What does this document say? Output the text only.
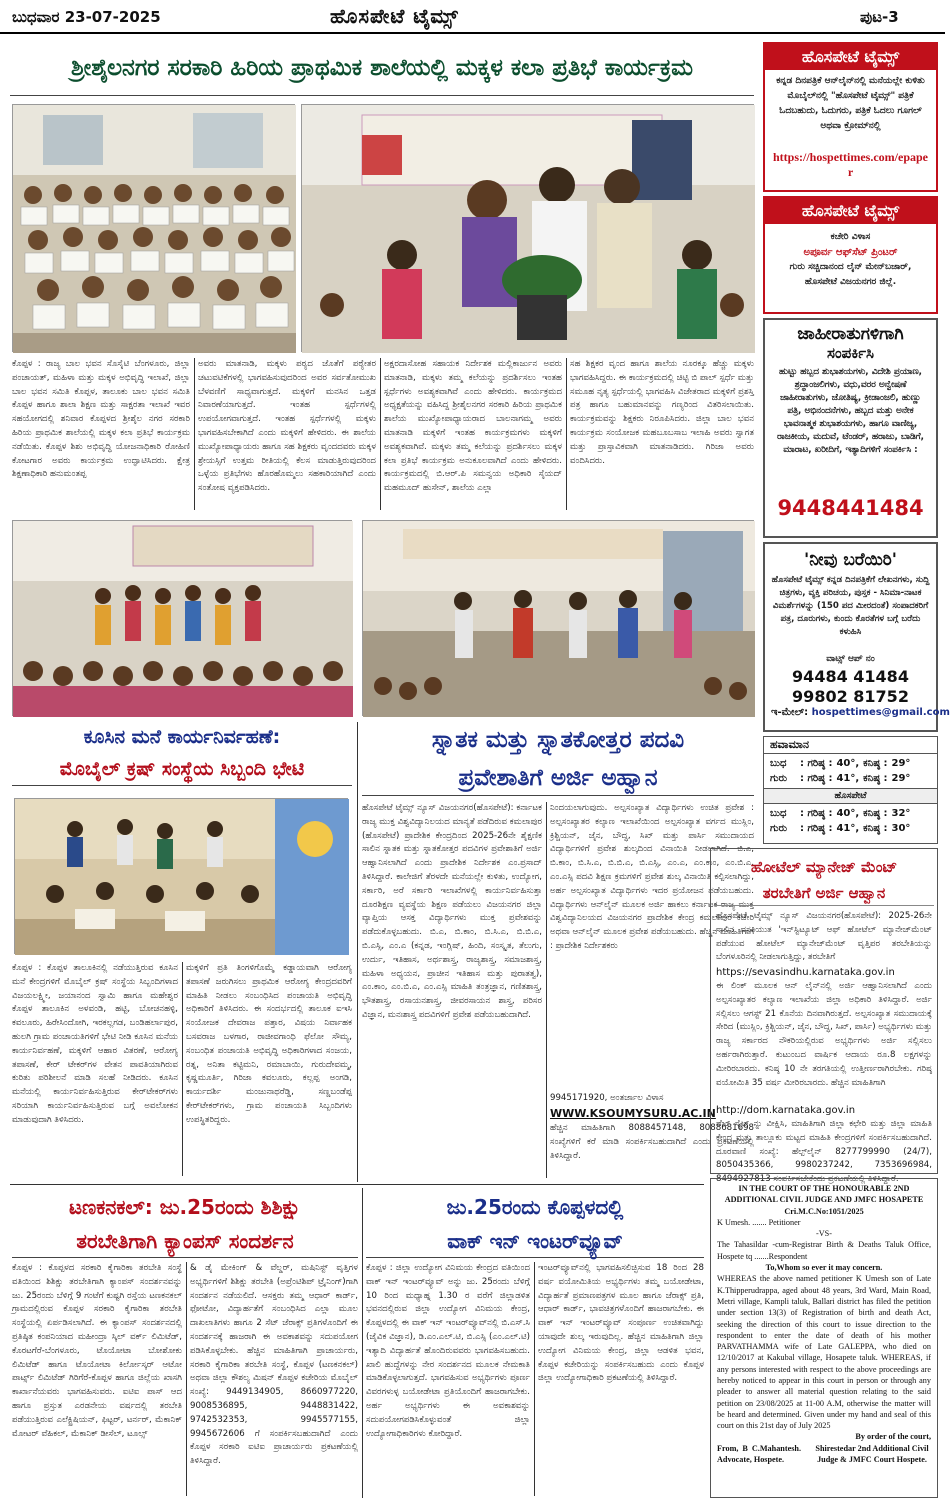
ಬುಧವಾರ 23-07-2025	ಹೊಸಪೇಟೆ ಟೈಮ್ಸ್	ಪುಟ-3
ಶ್ರೀಶೈಲನಗರ ಸರಕಾರಿ ಹಿರಿಯ ಪ್ರಾಥಮಿಕ ಶಾಲೆಯಲ್ಲಿ ಮಕ್ಕಳ ಕಲಾ ಪ್ರತಿಭೆ ಕಾರ್ಯಕ್ರಮ
ಕೊಪ್ಪಳ : ರಾಜ್ಯ ಬಾಲ ಭವನ ಸೊಸೈಟಿ ಬೆಂಗಳೂರು, ಜಿಲ್ಲಾ ಪಂಚಾಯತ್, ಮಹಿಳಾ ಮತ್ತು ಮಕ್ಕಳ ಅಭಿವೃದ್ಧಿ ಇಲಾಖೆ, ಜಿಲ್ಲಾ ಬಾಲ ಭವನ ಸಮಿತಿ ಕೊಪ್ಪಳ, ತಾಲೂಕು ಬಾಲ ಭವನ ಸಮಿತಿ ಕೊಪ್ಪಳ ಹಾಗೂ ಶಾಲಾ ಶಿಕ್ಷಣ ಮತ್ತು ಸಾಕ್ಷರತಾ ಇಲಾಖೆ ಇವರ ಸಹಯೋಗದಲ್ಲಿ ಶನಿವಾರ ಕೊಪ್ಪಳದ ಶ್ರೀಶೈಲ ನಗರ ಸರಕಾರಿ ಹಿರಿಯ ಪ್ರಾಥಮಿಕ ಶಾಲೆಯಲ್ಲಿ ಮಕ್ಕಳ ಕಲಾ ಪ್ರತಿಭೆ ಕಾರ್ಯಕ್ರಮ ನಡೆಯಿತು. ಕೊಪ್ಪಳ ಶಿಶು ಅಭಿವೃದ್ಧಿ ಯೋಜನಾಧಿಕಾರಿ ರೋಹಿಣಿ ಕೋಟಗಾರ ಅವರು ಕಾರ್ಯಕ್ರಮ ಉದ್ಘಾಟಿಸಿದರು. ಕ್ಷೇತ್ರ ಶಿಕ್ಷಣಾಧಿಕಾರಿ ಹನುಮಂತಪ್ಪ
ಅವರು ಮಾತನಾಡಿ, ಮಕ್ಕಳು ಪಠ್ಯದ ಜೊತೆಗೆ ಪಠ್ಯೇತರ ಚಟುವಟಿಕೆಗಳಲ್ಲಿ ಭಾಗವಹಿಸುವುದರಿಂದ ಅವರ ಸರ್ವತೋಮುಖ ಬೆಳವಣಿಗೆ ಸಾಧ್ಯವಾಗುತ್ತದೆ. ಮಕ್ಕಳಿಗೆ ಮನಸಿನ ಒತ್ತಡ ನಿವಾರಣೆಯಾಗುತ್ತದೆ. ಇಂತಹ ಸ್ಪರ್ಧೆಗಳಲ್ಲಿ ಉಪಯೋಗವಾಗುತ್ತದೆ. ಇಂತಹ ಸ್ಪರ್ಧೆಗಳಲ್ಲಿ ಮಕ್ಕಳು ಭಾಗವಹಿಸಬೇಕಾಗಿದೆ ಎಂದು ಮಕ್ಕಳಿಗೆ ಹೇಳಿದರು. ಈ ಶಾಲೆಯ ಮುಖ್ಯೋಪಾಧ್ಯಾಯರು ಹಾಗೂ ಸಹ ಶಿಕ್ಷಕರು ವೃಂದದವರು ಮಕ್ಕಳ ಶ್ರೇಯಸ್ಸಿಗೆ ಉತ್ತಮ ರೀತಿಯಲ್ಲಿ ಕೆಲಸ ಮಾಡುತ್ತಿರುವುದರಿಂದ ಒಳ್ಳೆಯ ಪ್ರತಿಭೆಗಳು ಹೊರಹೊಮ್ಮಲು ಸಹಕಾರಿಯಾಗಿದೆ ಎಂದು ಸಂತೋಷ ವ್ಯಕ್ತಪಡಿಸಿದರು.
ಅಕ್ಷರದಾಸೋಹ ಸಹಾಯಕ ನಿರ್ದೇಶಕ ಮಲ್ಲಿಕಾರ್ಜುನ ಅವರು ಮಾತನಾಡಿ, ಮಕ್ಕಳು ತಮ್ಮ ಕಲೆಯನ್ನು ಪ್ರದರ್ಶಿಸಲು ಇಂತಹ ಸ್ಪರ್ಧೆಗಳು ಅವಶ್ಯಕವಾಗಿವೆ ಎಂದು ಹೇಳಿದರು. ಕಾರ್ಯಕ್ರಮದ ಅಧ್ಯಕ್ಷತೆಯನ್ನು ವಹಿಸಿದ್ದ ಶ್ರೀಶೈಲನಗರ ಸರಕಾರಿ ಹಿರಿಯ ಪ್ರಾಥಮಿಕ ಶಾಲೆಯ ಮುಖ್ಯೋಪಾಧ್ಯಾಯರಾದ ಬಾಲನಾಗಮ್ಮ ಅವರು ಮಾತನಾಡಿ ಮಕ್ಕಳಿಗೆ ಇಂತಹ ಕಾರ್ಯಕ್ರಮಗಳು ಮಕ್ಕಳಿಗೆ ಅವಶ್ಯಕವಾಗಿವೆ. ಮಕ್ಕಳು ತಮ್ಮ ಕಲೆಯನ್ನು ಪ್ರದರ್ಶಿಸಲು ಮಕ್ಕಳ ಕಲಾ ಪ್ರತಿಭೆ ಕಾರ್ಯಕ್ರಮ ಅನುಕೂಲವಾಗಿದೆ ಎಂದು ಹೇಳಿದರು. ಕಾರ್ಯಕ್ರಮದಲ್ಲಿ ಬಿ.ಆರ್.ಪಿ ಸಮನ್ವಯ ಅಧಿಕಾರಿ ಸೈಯದ್ ಮಹಮೂದ್ ಹುಸೇನ್, ಶಾಲೆಯ ಎಲ್ಲಾ
ಸಹ ಶಿಕ್ಷಕರ ವೃಂದ ಹಾಗೂ ಶಾಲೆಯ ನೂರಕ್ಕೂ ಹೆಚ್ಚು ಮಕ್ಕಳು ಭಾಗವಹಿಸಿದ್ದರು. ಈ ಕಾರ್ಯಕ್ರಮದಲ್ಲಿ ಚಿಟ್ಟಿ ಬಿ ಪಾಲ್ ಸ್ಪರ್ಧೆ ಮತ್ತು ಸಮೂಹ ನೃತ್ಯ ಸ್ಪರ್ಧೆಯಲ್ಲಿ ಭಾಗವಹಿಸಿ ವಿಜೇತರಾದ ಮಕ್ಕಳಿಗೆ ಪ್ರಶಸ್ತಿ ಪತ್ರ ಹಾಗೂ ಬಹುಮಾನವನ್ನು ಗಣ್ಯರಿಂದ ವಿತರಿಸಲಾಯಿತು. ಕಾರ್ಯಕ್ರಮವನ್ನು ಶಿಕ್ಷಕರು ನಿರೂಪಿಸಿದರು. ಜಿಲ್ಲಾ ಬಾಲ ಭವನ ಕಾರ್ಯಕ್ರಮ ಸಂಯೋಜಕ ಮಹಬೂಬಸಾಬ ಇಲಾಹಿ ಅವರು ಸ್ವಾಗತ ಮತ್ತು ಪ್ರಾಸ್ತಾವಿಕವಾಗಿ ಮಾತನಾಡಿದರು. ಗಿರಿಜಾ ಅವರು ವಂದಿಸಿದರು.
ಹೊಸಪೇಟೆ ಟೈಮ್ಸ್
ಕನ್ನಡ ದಿನಪತ್ರಿಕೆ ಆನ್‌ಲೈನ್‌ನಲ್ಲಿ ಮನೆಯಲ್ಲೇ ಕುಳಿತು ಮೊಬೈಲ್‌ನಲ್ಲಿ "ಹೊಸಪೇಟೆ ಟೈಮ್ಸ್" ಪತ್ರಿಕೆ ಓದಬಹುದು, ಓದುಗರು, ಪತ್ರಿಕೆ ಓದಲು ಗೂಗಲ್ ಅಥವಾ ಕ್ರೋಮ್‌ನಲ್ಲಿ
https://hospettimes.com/epaper
ಹೊಸಪೇಟೆ ಟೈಮ್ಸ್
ಕಚೇರಿ ವಿಳಾಸ
ಅಪೂರ್ವ ಆಫ್‌ಸೆಟ್ ಪ್ರಿಂಟರ್
ಗುರು ಸಚ್ಚಿದಾನಂದ ಲೈನ್ ಮೇನ್‌ಬಜಾರ್, ಹೊಸಪೇಟೆ ವಿಜಯನಗರ ಜಿಲ್ಲೆ.
ಜಾಹೀರಾತುಗಳಿಗಾಗಿ
ಸಂಪರ್ಕಿಸಿ
ಹುಟ್ಟು ಹಬ್ಬದ ಶುಭಾಶಯಗಳು, ವಿದೇಶಿ ಪ್ರಯಾಣ, ಶ್ರದ್ಧಾಂಜಲಿಗಳು, ವಧು,ವರರ ಅನ್ವೇಷಣೆ ಜಾಹೀರಾತುಗಳು, ಜೋತಿಷ್ಯ, ಕ್ರೀಡಾಂಜಲಿ, ಹುಣ್ಣು ಪತ್ರಿ, ಅಭಿನಂದನೆಗಳು, ಹಬ್ಬದ ಮತ್ತು ಅನೇಕ ಭಾವನಾತ್ಮಕ ಶುಭಾಶಯಗಳು, ಹಾಗೂ ವಾಣಿಜ್ಯ, ರಾಜಕೀಯ, ಮದುವೆ, ಟೆಂಡರ್, ಹರಾಜು, ಬಾಡಿಗೆ, ಮಾರಾಟ, ಖರೀದಿಗೆ, ಇತ್ಯಾದಿಗಳಿಗೆ ಸಂಪರ್ಕಿಸಿ :
9448441484
'ನೀವು ಬರೆಯಿರಿ'
ಹೊಸಪೇಟೆ ಟೈಮ್ಸ್ ಕನ್ನಡ ದಿನಪತ್ರಿಕೆಗೆ ಲೇಖನಗಳು, ಸುದ್ದಿ ಚಿತ್ರಗಳು, ವ್ಯಕ್ತಿ ಪರಿಚಯ, ಪುಸ್ತಕ - ಸಿನಿಮಾ-ನಾಟಕ ವಿಮರ್ಶೆಗಳನ್ನು (150 ಪದ ಮೀರದಂತೆ) ಸಂಪಾದಕರಿಗೆ ಪತ್ರ, ದೂರುಗಳು, ಕುಂದು ಕೊರತೆಗಳ ಬಗ್ಗೆ ಬರೆದು ಕಳುಹಿಸಿ
ವಾಟ್ಸ್ ಆಪ್ ನಂ
94484 41484
99802 81752
ಇ-ಮೇಲ್: hospettimes@gmail.com
ಹವಾಮಾನ
ಬುಧ	: ಗರಿಷ್ಠ : 40°, ಕನಿಷ್ಠ : 29°
ಗುರು	: ಗರಿಷ್ಠ : 41°, ಕನಿಷ್ಠ : 29°
ಹೊಸಪೇಟೆ
ಬುಧ	: ಗರಿಷ್ಠ : 40°, ಕನಿಷ್ಠ : 32°
ಗುರು	: ಗರಿಷ್ಠ : 41°, ಕನಿಷ್ಠ : 30°
ಕೂಸಿನ ಮನೆ ಕಾರ್ಯನಿರ್ವಹಣೆ:
ಮೊಬೈಲ್ ಕ್ರಷ್ ಸಂಸ್ಥೆಯ ಸಿಬ್ಬಂದಿ ಭೇಟಿ
ಕೊಪ್ಪಳ : ಕೊಪ್ಪಳ ತಾಲೂಕಿನಲ್ಲಿ ನಡೆಯುತ್ತಿರುವ ಕೂಸಿನ ಮನೆ ಕೇಂದ್ರಗಳಿಗೆ ಮೊಬೈಲ್ ಕ್ರಷ್ ಸಂಸ್ಥೆಯ ಸಿಬ್ಬಂದಿಗಳಾದ ವಿಜಯಲಕ್ಷ್ಮೀ, ಜಯಾನಂದ ಸ್ವಾಮಿ ಹಾಗೂ ಮಹೇಶ್ವರ ಕೊಪ್ಪಳ ತಾಲೂಕಿನ ಅಳವಂಡಿ, ಹಟ್ಟಿ, ಬೋಚನಹಳ್ಳಿ, ಕವಲೂರು, ಹಿರೇಸಿಂದೋಗಿ, ಇರಕಲ್ಲಗಡ, ಬಂಡಿಹರ್ಲಾಪುರ, ಹುಲಗಿ ಗ್ರಾಮ ಪಂಚಾಯತಿಗಳಿಗೆ ಭೇಟಿ ನೀಡಿ ಕೂಸಿನ ಮನೆಯ ಕಾರ್ಯನಿರ್ವಹಣೆ, ಮಕ್ಕಳಿಗೆ ಆಹಾರ ವಿತರಣೆ, ಆರೋಗ್ಯ ತಪಾಸಣೆ, ಕೇರ್ ಟೇಕರ್‌ಗಳ ವೇತನ ಪಾವತಿಯಾಗಿರುವ ಕುರಿತು ಪರಿಶೀಲನೆ ಮಾಡಿ ಸಲಹೆ ನೀಡಿದರು. ಕೂಸಿನ ಮನೆಯಲ್ಲಿ ಕಾರ್ಯನಿರ್ವಹಿಸುತ್ತಿರುವ ಕೇರ್‌ಟೇಕರ್‌ಗಳು ಸರಿಯಾಗಿ ಕಾರ್ಯನಿರ್ವಹಿಸುತ್ತಿರುವ ಬಗ್ಗೆ ಅವಲೋಕನ ಮಾಡುವುದಾಗಿ ತಿಳಿಸಿದರು.
ಮಕ್ಕಳಿಗೆ ಪ್ರತಿ ತಿಂಗಳಿಗೊಮ್ಮೆ ಕಡ್ಡಾಯವಾಗಿ ಆರೋಗ್ಯ ತಪಾಸಣೆ ಜರುಗಿಸಲು ಪ್ರಾಥಮಿಕ ಆರೋಗ್ಯ ಕೇಂದ್ರದವರಿಗೆ ಮಾಹಿತಿ ನೀಡಲು ಸಂಬಂಧಿಸಿದ ಪಂಚಾಯತಿ ಅಭಿವೃದ್ಧಿ ಅಧಿಕಾರಿಗೆ ತಿಳಿಸಿದರು. ಈ ಸಂದರ್ಭದಲ್ಲಿ ತಾಲೂಕ ಐಇಸಿ ಸಂಯೋಜಕ ದೇವರಾಜ ಪತ್ತಾರ, ವಿಷಯ ನಿರ್ವಾಹಕ ಬಸವರಾಜ ಬಳಗಾರ, ರಾಜೀವಗಾಂಧಿ ಫೆಲೋ ಸೌಮ್ಯ, ಸಂಬಂಧಿತ ಪಂಚಾಯತಿ ಅಭಿವೃದ್ಧಿ ಅಧಿಕಾರಿಗಳಾದ ಸಂಜಯ, ರತ್ನ, ಅನಿತಾ ಕಟ್ಟಿಮನಿ, ರಮಾಬಾಯಿ, ಗುರುದೇವಮ್ಮ, ಕೃಷ್ಣಮೂರ್ತಿ, ಗಿರಿಜಾ ಕವಲೂರು, ಕಲ್ಲಪ್ಪ ಅಂಗಡಿ, ಕಾರ್ಯದರ್ಶಿ ಮಂಜುನಾಥರೆಡ್ಡಿ, ಸಣ್ಣಬಂಡೆಪ್ಪ ಕೇರ್‌ಟೇಕರ್‌ಗಳು, ಗ್ರಾಮ ಪಂಚಾಯತಿ ಸಿಬ್ಬಂದಿಗಳು ಉಪಸ್ಥಿತರಿದ್ದರು.
ಸ್ನಾತಕ ಮತ್ತು ಸ್ನಾತಕೋತ್ತರ ಪದವಿ
ಪ್ರವೇಶಾತಿಗೆ ಅರ್ಜಿ ಅಹ್ವಾನ
ಹೊಸಪೇಟೆ ಟೈಮ್ಸ್ ನ್ಯೂಸ್ ವಿಜಯನಗರ(ಹೊಸಪೇಟೆ): ಕರ್ನಾಟಕ ರಾಜ್ಯ ಮುಕ್ತ ವಿಶ್ವವಿದ್ಯಾನಿಲಯದ ಮಾನ್ಯತೆ ಪಡೆದಿರುವ ಕಮಲಾಪುರ (ಹೊಸಪೇಟೆ) ಪ್ರಾದೇಶಿಕ ಕೇಂದ್ರದಿಂದ 2025-26ನೇ ಶೈಕ್ಷಣಿಕ ಸಾಲಿನ ಸ್ನಾತಕ ಮತ್ತು ಸ್ನಾತಕೋತ್ತರ ಪದವಿಗಳ ಪ್ರವೇಶಾತಿಗೆ ಅರ್ಜಿ ಆಹ್ವಾನಿಸಲಾಗಿದೆ ಎಂದು ಪ್ರಾದೇಶಿಕ ನಿರ್ದೇಶಕ ಎಂ.ಪ್ರಸಾದ್ ತಿಳಿಸಿದ್ದಾರೆ. ಕಾಲೇಜಿಗೆ ತೆರಳದೇ ಮನೆಯಲ್ಲೇ ಕುಳಿತು, ಉದ್ಯೋಗ, ಸರ್ಕಾರಿ, ಅರೆ ಸರ್ಕಾರಿ ಇಲಾಖೆಗಳಲ್ಲಿ ಕಾರ್ಯನಿರ್ವಹಿಸುತ್ತಾ ದೂರಶಿಕ್ಷಣ ವ್ಯವಸ್ಥೆಯ ಶಿಕ್ಷಣ ಪಡೆಯಲು ವಿಜಯನಗರ ಜಿಲ್ಲಾ ವ್ಯಾಪ್ತಿಯ ಆಸಕ್ತ ವಿದ್ಯಾರ್ಥಿಗಳು ಮುಕ್ತ ಪ್ರವೇಶವನ್ನು ಪಡೆದುಕೊಳ್ಳಬಹುದು. ಬಿ.ಎ, ಬಿ.ಕಾಂ, ಬಿ.ಸಿ.ಎ, ಬಿ.ಬಿ.ಎ, ಬಿ.ಎಸ್ಸಿ, ಎಂ.ಎ (ಕನ್ನಡ, ಇಂಗ್ಲಿಷ್, ಹಿಂದಿ, ಸಂಸ್ಕೃತ, ತೆಲುಗು, ಉರ್ದು, ಇತಿಹಾಸ, ಅರ್ಥಶಾಸ್ತ್ರ, ರಾಜ್ಯಶಾಸ್ತ್ರ, ಸಮಾಜಶಾಸ್ತ್ರ, ಮಹಿಳಾ ಅಧ್ಯಯನ, ಪ್ರಾಚೀನ ಇತಿಹಾಸ ಮತ್ತು ಪುರಾತತ್ವ), ಎಂ.ಕಾಂ, ಎಂ.ಬಿ.ಎ, ಎಂ.ಎಸ್ಸಿ ಮಾಹಿತಿ ತಂತ್ರಜ್ಞಾನ, ಗಣಿತಶಾಸ್ತ್ರ, ಭೌತಶಾಸ್ತ್ರ, ರಸಾಯನಶಾಸ್ತ್ರ, ಜೀವರಸಾಯನ ಶಾಸ್ತ್ರ, ಪರಿಸರ ವಿಜ್ಞಾನ, ಮನಃಶಾಸ್ತ್ರ ಪದವಿಗಳಿಗೆ ಪ್ರವೇಶ ಪಡೆಯಬಹುದಾಗಿದೆ.
ನಿಂದಯಲಾಗುವುದು. ಅಲ್ಪಸಂಖ್ಯಾತ ವಿದ್ಯಾರ್ಥಿಗಳು ಉಚಿತ ಪ್ರವೇಶ : ಅಲ್ಪಸಂಖ್ಯಾತರ ಕಲ್ಯಾಣ ಇಲಾಖೆಯಿಂದ ಅಲ್ಪಸಂಖ್ಯಾತ ವರ್ಗದ ಮುಸ್ಲಿಂ, ಕ್ರಿಶ್ಚಿಯನ್, ಜೈನ, ಬೌದ್ಧ, ಸಿಖ್ ಮತ್ತು ಪಾರ್ಸಿ ಸಮುದಾಯದ ವಿದ್ಯಾರ್ಥಿಗಳಿಗೆ ಪ್ರವೇಶ ಶುಲ್ಕದಿಂದ ವಿನಾಯಿತಿ ನೀಡಲಾಗಿದೆ. ಬಿ.ಎ, ಬಿ.ಕಾಂ, ಬಿ.ಸಿ.ಎ, ಬಿ.ಬಿ.ಎ, ಬಿ.ಎಸ್ಸಿ, ಎಂ.ಎ, ಎಂ.ಕಾಂ, ಎಂ.ಬಿ.ಎ, ಎಂ.ಎಸ್ಸಿ ಪದವಿ ಶಿಕ್ಷಣ ಕ್ರಮಗಳಿಗೆ ಪ್ರವೇಶ ಶುಲ್ಕ ವಿನಾಯಿತಿ ಕಲ್ಪಿಸಲಾಗಿದ್ದು, ಅರ್ಹ ಅಲ್ಪಸಂಖ್ಯಾತ ವಿದ್ಯಾರ್ಥಿಗಳು ಇದರ ಪ್ರಯೋಜನ ಪಡೆಯಬಹುದು. ವಿದ್ಯಾರ್ಥಿಗಳು ಆನ್‌ಲೈನ್ ಮೂಲಕ ಅರ್ಜಿ ಹಾಕಲು ಕರ್ನಾಟಕ ರಾಜ್ಯ ಮುಕ್ತ ವಿಶ್ವವಿದ್ಯಾನಿಲಯದ ವಿಜಯನಗರ ಪ್ರಾದೇಶಿಕ ಕೇಂದ್ರ ಕಮಲಾಪುರ ಕಚೇರಿ ಅಥವಾ ಆನ್‌ಲೈನ್ ಮೂಲಕ ಪ್ರವೇಶ ಪಡೆಯಬಹುದು. ಹೆಚ್ಚಿನ ಮಾಹಿತಿಗಾಗಿ : ಪ್ರಾದೇಶಿಕ ನಿರ್ದೇಶಕರು
9945171920, ಅಂತರ್ಜಾಲ ವಿಳಾಸ
WWW.KSOUMYSURU.AC.IN
ಹೆಚ್ಚಿನ ಮಾಹಿತಿಗಾಗಿ 8088457148, 8088681698 ಸಂಖ್ಯೆಗಳಿಗೆ ಕರೆ ಮಾಡಿ ಸಂಪರ್ಕಿಸಬಹುದಾಗಿದೆ ಎಂದು ಪ್ರಕಟಣೆಯಲ್ಲಿ ತಿಳಿಸಿದ್ದಾರೆ.
ಹೋಟೆಲ್ ಮ್ಯಾನೇಜ್ ಮೆಂಟ್
ತರಬೇತಿಗೆ ಅರ್ಜಿ ಆಹ್ವಾನ
ಹೊಸಪೇಟೆ ಟೈಮ್ಸ್ ನ್ಯೂಸ್ ವಿಜಯನಗರ(ಹೊಸಪೇಟೆ): 2025-26ನೇ ಸಾಲಿನ ವಸತಿಯುತ 'ಇನ್‌ಸ್ಟಿಟ್ಯೂಟ್ ಆಫ್ ಹೋಟೆಲ್ ಮ್ಯಾನೇಜ್‌ಮೆಂಟ್ ಪಡೆಯುವ ಹೋಟೆಲ್ ಮ್ಯಾನೇಜ್‌ಮೆಂಟ್ ವೃತ್ತಿಪರ ತರಬೇತಿಯನ್ನು ಬೆಂಗಳೂರಿನಲ್ಲಿ ನೀಡಲಾಗುತ್ತಿದ್ದು, ತರಬೇತಿಗೆ
https://sevasindhu.karnataka.gov.in
ಈ ಲಿಂಕ್ ಮೂಲಕ ಆನ್ ಲೈನ್‌ನಲ್ಲಿ ಅರ್ಜಿ ಆಹ್ವಾನಿಸಲಾಗಿದೆ ಎಂದು ಅಲ್ಪಸಂಖ್ಯಾತರ ಕಲ್ಯಾಣ ಇಲಾಖೆಯ ಜಿಲ್ಲಾ ಅಧಿಕಾರಿ ತಿಳಿಸಿದ್ದಾರೆ. ಅರ್ಜಿ ಸಲ್ಲಿಸಲು ಆಗಸ್ಟ್ 21 ಕೊನೆಯ ದಿನವಾಗಿರುತ್ತದೆ. ಅಲ್ಪಸಂಖ್ಯಾತ ಸಮುದಾಯಕ್ಕೆ ಸೇರಿದ (ಮುಸ್ಲಿಂ, ಕ್ರಿಶ್ಚಿಯನ್, ಜೈನ, ಬೌದ್ಧ, ಸಿಖ್, ಪಾರ್ಸಿ) ಅಭ್ಯರ್ಥಿಗಳು ಮತ್ತು ರಾಜ್ಯ ಸರ್ಕಾರದ ನೌಕರಿಯಲ್ಲಿರುವ ಅಭ್ಯರ್ಥಿಗಳು ಅರ್ಜಿ ಸಲ್ಲಿಸಲು ಅರ್ಹರಾಗಿರುತ್ತಾರೆ. ಕುಟುಂಬದ ವಾರ್ಷಿಕ ಆದಾಯ ರೂ.8 ಲಕ್ಷಗಳನ್ನು ಮೀರಿರಬಾರದು. ಕನಿಷ್ಠ 10 ನೇ ತರಗತಿಯಲ್ಲಿ ಉತ್ತೀರ್ಣರಾಗಿರಬೇಕು. ಗರಿಷ್ಠ ವಯೋಮಿತಿ 35 ವರ್ಷ ಮೀರಿರಬಾರದು. ಹೆಚ್ಚಿನ ಮಾಹಿತಿಗಾಗಿ
http://dom.karnataka.gov.in
ವೆಬ್ ಸೈಟ್ ನ್ನು ವೀಕ್ಷಿಸಿ, ಮಾಹಿತಿಗಾಗಿ ಜಿಲ್ಲಾ ಕಛೇರಿ ಮತ್ತು ಜಿಲ್ಲಾ ಮಾಹಿತಿ ಕೇಂದ್ರ ಮತ್ತು ತಾಲ್ಲೂಕು ಮಟ್ಟದ ಮಾಹಿತಿ ಕೇಂದ್ರಗಳಿಗೆ ಸಂಪರ್ಕಿಸಬಹುದಾಗಿದೆ. ದೂರವಾಣಿ ಸಂಖ್ಯೆ: ಹೆಲ್ಪ್‌ಲೈನ್ 8277799990 (24/7), 8050435366, 9980237242, 7353696984, 8494927813 ಸಂಪರ್ಕಿಸಬೇಕೆಂದು ಪ್ರಕಟಣೆಯಲ್ಲಿ ತಿಳಿಸಿದ್ದಾರೆ.
IN THE COURT OF THE HONOURABLE 2ND ADDITIONAL CIVIL JUDGE AND JMFC HOSAPETE
Cri.M.C.No:1051/2025
K Umesh. ....... Petitioner
-VS-
The Tahasildar -cum-Registrar Birth & Deaths Taluk Office, Hospete tq .......Respondent
To,Whom so ever it may concern.
WHEREAS the above named petitioner K Umesh son of Late K.Thipperudrappa, aged about 48 years, 3rd Ward, Main Road, Metri village, Kampli taluk, Ballari district has filed the petition under section 13(3) of Registration of birth and death Act, seeking the direction of this court to issue direction to the respondent to enter the date of death of his mother PARVATHAMMA wife of Late GALEPPA, who died on 12/10/2017 at Kakubal village, Hosapete taluk. WHEREAS, if any persons interested with respect to the above proceedings are hereby noticed to appear in this court in person or through any pleader to answer all material question relating to the said petition on 23/08/2025 at 11-00 A.M, otherwise the matter will be heard and determined. Given under my hand and seal of this court on this 21st day of July 2025
By order of the court,
From, B C.Mahantesh. Advocate, Hospete.
Shirestedar 2nd Additional Civil Judge & JMFC Court Hospete.
ಟಣಕನಕಲ್: ಜು.25ರಂದು ಶಿಶಿಕ್ಷು
ತರಬೇತಿಗಾಗಿ ಕ್ಯಾಂಪಸ್ ಸಂದರ್ಶನ
ಕೊಪ್ಪಳ : ಕೊಪ್ಪಳದ ಸರಕಾರಿ ಕೈಗಾರಿಕಾ ತರಬೇತಿ ಸಂಸ್ಥೆ ವತಿಯಿಂದ ಶಿಶಿಕ್ಷು ತರಬೇತಿಗಾಗಿ ಕ್ಯಾಂಪಸ್ ಸಂದರ್ಶನವನ್ನು ಜು. 25ರಂದು ಬೆಳಿಗ್ಗೆ 9 ಗಂಟೆಗೆ ಕುಷ್ಟಗಿ ರಸ್ತೆಯ ಟಣಕನಕಲ್ ಗ್ರಾಮದಲ್ಲಿರುವ ಕೊಪ್ಪಳ ಸರಕಾರಿ ಕೈಗಾರಿಕಾ ತರಬೇತಿ ಸಂಸ್ಥೆಯಲ್ಲಿ ಏರ್ಪಡಿಸಲಾಗಿದೆ. ಈ ಕ್ಯಾಂಪಸ್ ಸಂದರ್ಶನದಲ್ಲಿ ಪ್ರತಿಷ್ಠಿತ ಕಂಪನಿಯಾದ ಮಹೀಂದ್ರಾ ಸ್ಕಿಲ್ ವರ್ಕ್ ಲಿಮಿಟೆಡ್, ಕೊರಟಗೆರೆ-ಬೆಂಗಳೂರು, ಟೊಯೋಟಾ ಬೋಶೋಕು ಲಿಮಿಟೆಡ್ ಹಾಗೂ ಟೊಯೋಟಾ ಕಿರ್ಲೋಸ್ಕರ್ ಆಟೋ ಪಾರ್ಟ್ಸ್ ಲಿಮಿಟೆಡ್ ಗಿರಿಗೆರೆ-ಕೊಪ್ಪಳ ಹಾಗೂ ಜಿಲ್ಲೆಯ ಖಾಸಗಿ ಕಾರ್ಖಾನೆಯವರು ಭಾಗವಹಿಸುವರು. ಐಟಿಐ ಪಾಸ್ ಆದ ಹಾಗೂ ಪ್ರಸ್ತುತ ಎರಡನೇಯ ವರ್ಷದಲ್ಲಿ ತರಬೇತಿ ಪಡೆಯುತ್ತಿರುವ ಎಲೆಕ್ಟ್ರಿಷಿಯನ್, ಫಿಟ್ಟರ್, ಟರ್ನರ್, ಮೆಕಾನಿಕ್ ಮೋಟರ್ ವೆಹಿಕಲ್, ಮೆಕಾನಿಕ್ ಡೀಸೆಲ್, ಟೂಲ್ಸ್
& ಡೈ ಮೇಕಿಂಗ್ & ವೆಲ್ಡರ್, ಮಷಿನಿಸ್ಟ್ ವೃತ್ತಿಗಳ ಅಭ್ಯರ್ಥಿಗಳಿಗೆ ಶಿಶಿಕ್ಷು ತರಬೇತಿ (ಅಪ್ರೆಂಟಿಶಿಪ್ ಟ್ರೈನಿಂಗ್)ಗಾಗಿ ಸಂದರ್ಶನ ನಡೆಯಲಿದೆ. ಆಸಕ್ತರು ತಮ್ಮ ಆಧಾರ್ ಕಾರ್ಡ್, ಫೋಟೋ, ವಿದ್ಯಾರ್ಹತೆಗೆ ಸಂಬಂಧಿಸಿದ ಎಲ್ಲಾ ಮೂಲ ದಾಖಲಾತಿಗಳು ಹಾಗೂ 2 ಸೆಟ್ ಜೆರಾಕ್ಸ್ ಪ್ರತಿಗಳೊಂದಿಗೆ ಈ ಸಂದರ್ಶನಕ್ಕೆ ಹಾಜರಾಗಿ ಈ ಅವಕಾಶವನ್ನು ಸದುಪಯೋಗ ಪಡಿಸಿಕೊಳ್ಳಬೇಕು. ಹೆಚ್ಚಿನ ಮಾಹಿತಿಗಾಗಿ ಪ್ರಾಚಾರ್ಯರು, ಸರಕಾರಿ ಕೈಗಾರಿಕಾ ತರಬೇತಿ ಸಂಸ್ಥೆ, ಕೊಪ್ಪಳ (ಟಣಕನಕಲ್) ಅಥವಾ ಜಿಲ್ಲಾ ಕೌಶಲ್ಯ ಮಿಷನ್ ಕೊಪ್ಪಳ ಕಚೇರಿಯ ಮೊಬೈಲ್ ಸಂಖ್ಯೆ: 9449134905, 8660977220, 9008536895, 9448831422, 9742532353, 9945577155, 9945672606 ಗೆ ಸಂಪರ್ಕಿಸಬಹುದಾಗಿದೆ ಎಂದು ಕೊಪ್ಪಳ ಸರಕಾರಿ ಐಟಿಐ ಪ್ರಾಚಾರ್ಯರು ಪ್ರಕಟಣೆಯಲ್ಲಿ ತಿಳಿಸಿದ್ದಾರೆ.
ಜು.25ರಂದು ಕೊಪ್ಪಳದಲ್ಲಿ
ವಾಕ್ ಇನ್ ಇಂಟರ್‌ವ್ಯೂವ್
ಕೊಪ್ಪಳ : ಜಿಲ್ಲಾ ಉದ್ಯೋಗ ವಿನಿಮಯ ಕೇಂದ್ರದ ವತಿಯಿಂದ ವಾಕ್ ಇನ್ ಇಂಟರ್‌ವ್ಯೂವ್ ಅನ್ನು ಜು. 25ರಂದು ಬೆಳಿಗ್ಗೆ 10 ರಿಂದ ಮಧ್ಯಾಹ್ನ 1.30 ರ ವರೆಗೆ ಜಿಲ್ಲಾಡಳಿತ ಭವನದಲ್ಲಿರುವ ಜಿಲ್ಲಾ ಉದ್ಯೋಗ ವಿನಿಮಯ ಕೇಂದ್ರ, ಕೊಪ್ಪಳದಲ್ಲಿ ಈ ವಾಕ್ ಇನ್ ಇಂಟರ್‌ವ್ಯೂವ್‌ನಲ್ಲಿ ಬಿ.ಎಸ್.ಸಿ (ಜೈವಿಕ ವಿಜ್ಞಾನ), ಡಿ.ಎಂ.ಎಲ್.ಟಿ, ಬಿ.ಎಸ್ಸಿ (ಎಂ.ಎಲ್.ಟಿ) ಇತ್ಯಾದಿ ವಿದ್ಯಾರ್ಹತೆ ಹೊಂದಿರುವವರು ಭಾಗವಹಿಸಬಹುದು. ಖಾಲಿ ಹುದ್ದೆಗಳನ್ನು ನೇರ ಸಂದರ್ಶನದ ಮೂಲಕ ನೇಮಕಾತಿ ಮಾಡಿಕೊಳ್ಳಲಾಗುತ್ತದೆ. ಭಾಗವಹಿಸುವ ಅಭ್ಯರ್ಥಿಗಳು ಪೂರ್ಣ ವಿವರಗಳುಳ್ಳ ಬಯೋಡೇಟಾ ಪ್ರತಿಯೊಂದಿಗೆ ಹಾಜರಾಗಬೇಕು. ಅರ್ಹ ಅಭ್ಯರ್ಥಿಗಳು ಈ ಅವಕಾಶವನ್ನು ಸದುಪಯೋಗಪಡಿಸಿಕೊಳ್ಳುವಂತೆ ಜಿಲ್ಲಾ ಉದ್ಯೋಗಾಧಿಕಾರಿಗಳು ಕೋರಿದ್ದಾರೆ.
ಇಂಟರ್‌ವ್ಯೂವ್‌ನಲ್ಲಿ ಭಾಗವಹಿಸಲಿಚ್ಛಿಸುವ 18 ರಿಂದ 28 ವರ್ಷ ವಯೋಮಿತಿಯ ಅಭ್ಯರ್ಥಿಗಳು ತಮ್ಮ ಬಯೋಡೇಟಾ, ವಿದ್ಯಾರ್ಹತೆ ಪ್ರಮಾಣಪತ್ರಗಳ ಮೂಲ ಹಾಗೂ ಜೆರಾಕ್ಸ್ ಪ್ರತಿ, ಆಧಾರ್ ಕಾರ್ಡ್, ಭಾವಚಿತ್ರಗಳೊಂದಿಗೆ ಹಾಜರಾಗಬೇಕು. ಈ ವಾಕ್ ಇನ್ ಇಂಟರ್‌ವ್ಯೂವ್ ಸಂಪೂರ್ಣ ಉಚಿತವಾಗಿದ್ದು ಯಾವುದೇ ಶುಲ್ಕ ಇರುವುದಿಲ್ಲ. ಹೆಚ್ಚಿನ ಮಾಹಿತಿಗಾಗಿ ಜಿಲ್ಲಾ ಉದ್ಯೋಗ ವಿನಿಮಯ ಕೇಂದ್ರ, ಜಿಲ್ಲಾ ಆಡಳಿತ ಭವನ, ಕೊಪ್ಪಳ ಕಚೇರಿಯನ್ನು ಸಂಪರ್ಕಿಸಬಹುದು ಎಂದು ಕೊಪ್ಪಳ ಜಿಲ್ಲಾ ಉದ್ಯೋಗಾಧಿಕಾರಿ ಪ್ರಕಟಣೆಯಲ್ಲಿ ತಿಳಿಸಿದ್ದಾರೆ.
